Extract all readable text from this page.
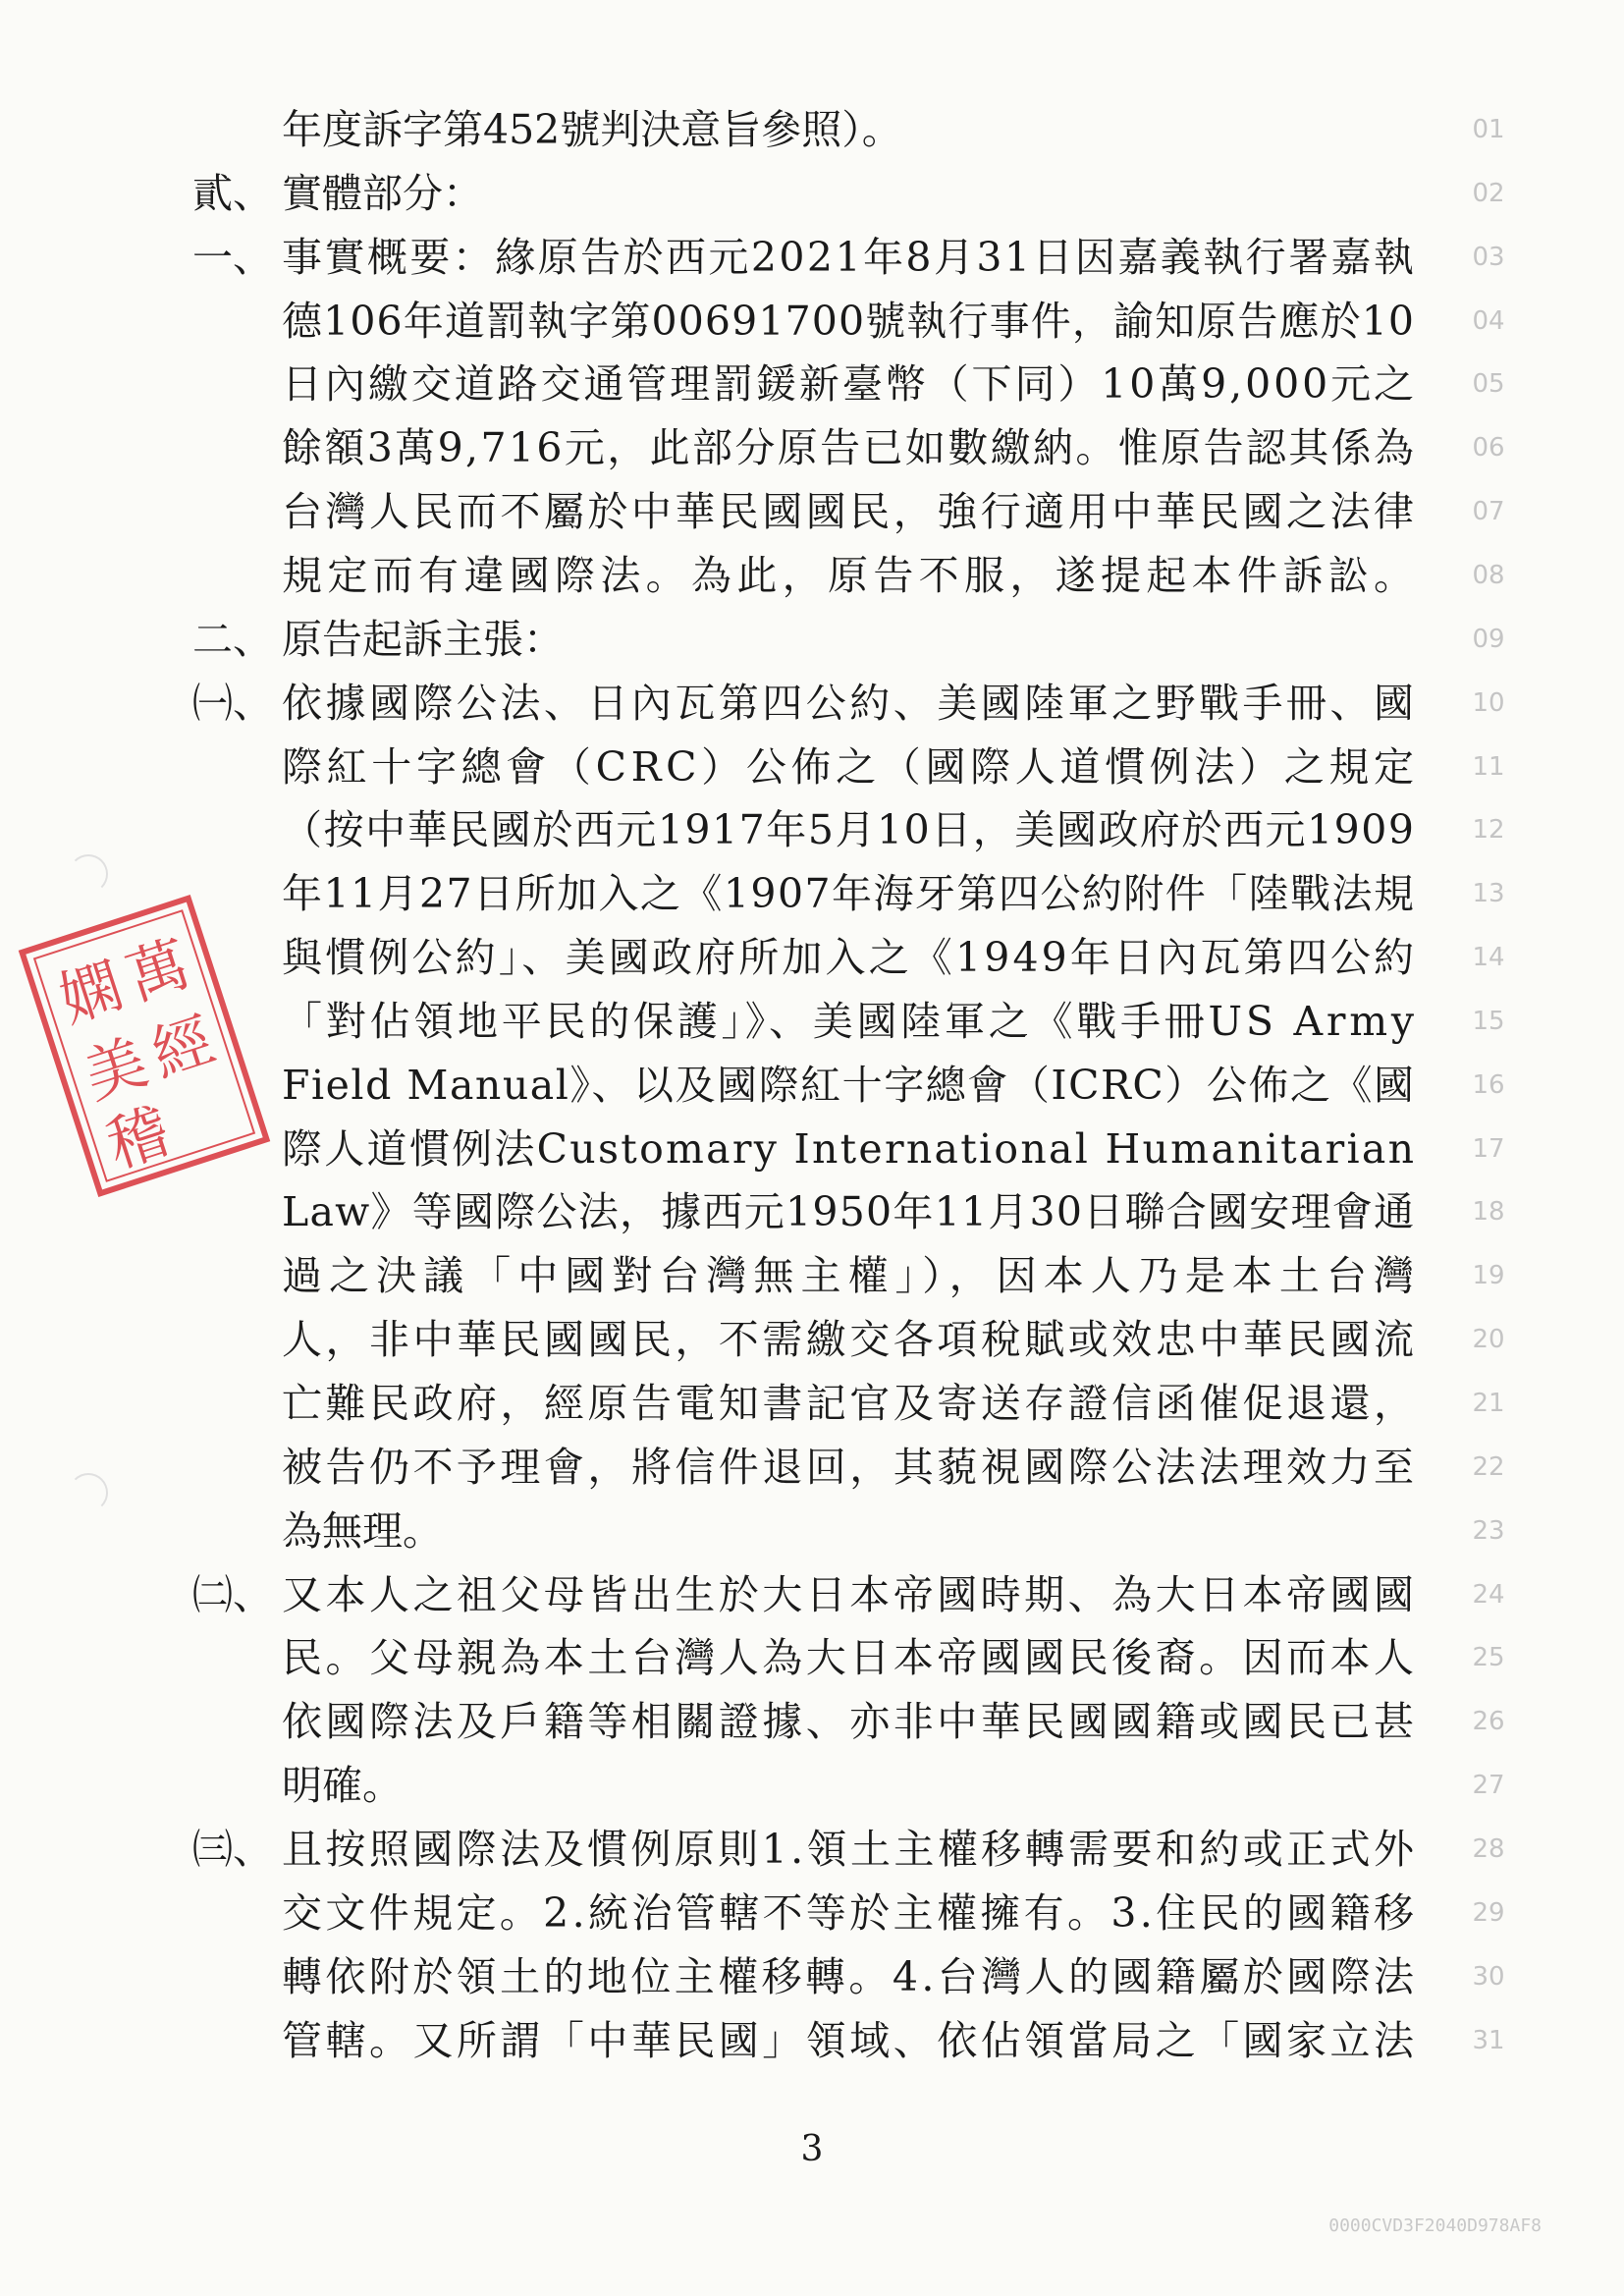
年度訴字第452號判決意旨參照）。	01
貳、 實體部分：	02
一、 事實概要：緣原告於西元2021年8月31日因嘉義執行署嘉執	03
德106年道罰執字第00691700號執行事件，諭知原告應於10	04
日內繳交道路交通管理罰鍰新臺幣（下同）10萬9,000元之	05
餘額3萬9,716元，此部分原告已如數繳納。惟原告認其係為	06
台灣人民而不屬於中華民國國民，強行適用中華民國之法律	07
規定而有違國際法。為此，原告不服，遂提起本件訴訟。	08
二、 原告起訴主張：	09
㈠、 依據國際公法、日內瓦第四公約、美國陸軍之野戰手冊、國	10
際紅十字總會（CRC）公佈之（國際人道慣例法）之規定	11
（按中華民國於西元1917年5月10日，美國政府於西元1909	12
年11月27日所加入之《1907年海牙第四公約附件「陸戰法規	13
與慣例公約」、美國政府所加入之《1949年日內瓦第四公約	14
「對佔領地平民的保護」》、美國陸軍之《戰手冊US Army	15
Field Manual》、以及國際紅十字總會（ICRC）公佈之《國	16
際人道慣例法Customary International Humanitarian	17
Law》等國際公法，據西元1950年11月30日聯合國安理會通	18
過之決議「中國對台灣無主權」），因本人乃是本土台灣	19
人，非中華民國國民，不需繳交各項稅賦或效忠中華民國流	20
亡難民政府，經原告電知書記官及寄送存證信函催促退還，	21
被告仍不予理會，將信件退回，其藐視國際公法法理效力至	22
為無理。	23
㈡、 又本人之祖父母皆出生於大日本帝國時期、為大日本帝國國	24
民。父母親為本土台灣人為大日本帝國國民後裔。因而本人	25
依國際法及戶籍等相關證據、亦非中華民國國籍或國民已甚	26
明確。	27
㈢、 且按照國際法及慣例原則1.領土主權移轉需要和約或正式外	28
交文件規定。2.統治管轄不等於主權擁有。3.住民的國籍移	29
轉依附於領土的地位主權移轉。4.台灣人的國籍屬於國際法	30
管轄。又所謂「中華民國」領域、依佔領當局之「國家立法	31
萬
經
嫻
美
稽
3
0000CVD3F2040D978AF8
